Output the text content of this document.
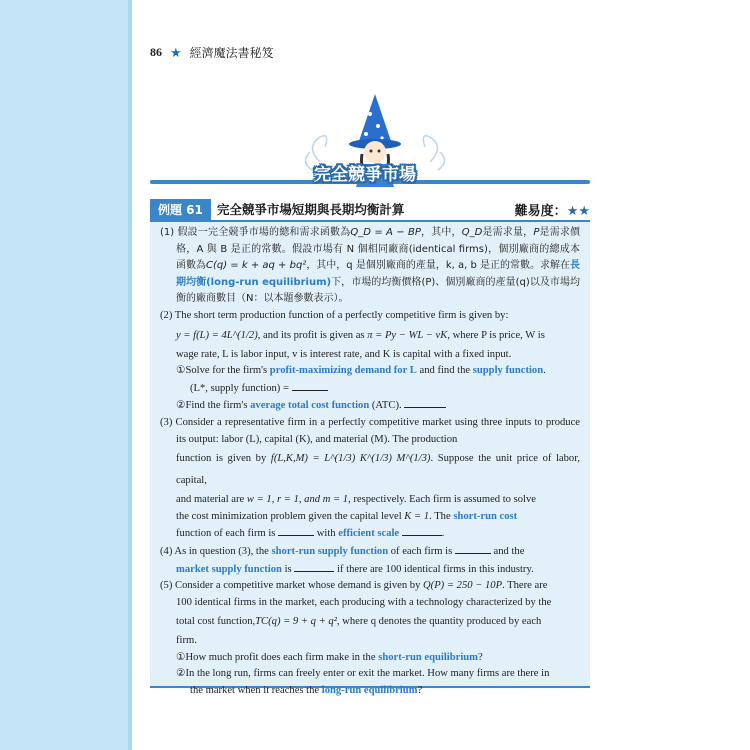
86 ★ 經濟魔法書秘笈
完全競爭市場
例題 61	完全競爭市場短期與長期均衡計算	難易度：★★
(1) 假設一完全競爭市場的總和需求函數為Q_D = A − BP，其中，Q_D是需求量，P是需求價格，A 與 B 是正的常數。假設市場有 N 個相同廠商(identical firms)，個別廠商的總成本函數為C(q) = k + aq + bq²，其中，q 是個別廠商的產量，k, a, b 是正的常數。求解在長期均衡(long-run equilibrium)下，市場的均衡價格(P)、個別廠商的產量(q)以及市場均衡的廠商數目（N：以本題參數表示）。
(2) The short term production function of a perfectly competitive firm is given by:
y = f(L) = 4L^(1/2), and its profit is given as π = Py − WL − vK, where P is price, W is
wage rate, L is labor input, v is interest rate, and K is capital with a fixed input.
①Solve for the firm's profit-maximizing demand for L and find the supply function.
(L*, supply function) =
②Find the firm's average total cost function (ATC).
(3) Consider a representative firm in a perfectly competitive market using three inputs to produce its output: labor (L), capital (K), and material (M). The production
function is given by f(L,K,M) = L^(1/3) K^(1/3) M^(1/3). Suppose the unit price of labor, capital,
and material are w = 1, r = 1, and m = 1, respectively. Each firm is assumed to solve
the cost minimization problem given the capital level K = 1. The short-run cost
function of each firm is	with efficient scale	.
(4) As in question (3), the short-run supply function of each firm is	and the
market supply function is	if there are 100 identical firms in this industry.
(5) Consider a competitive market whose demand is given by Q(P) = 250 − 10P. There are
100 identical firms in the market, each producing with a technology characterized by the
total cost function,TC(q) = 9 + q + q², where q denotes the quantity produced by each
firm.
①How much profit does each firm make in the short-run equilibrium?
②In the long run, firms can freely enter or exit the market. How many firms are there in
the market when it reaches the long-run equilibrium?
